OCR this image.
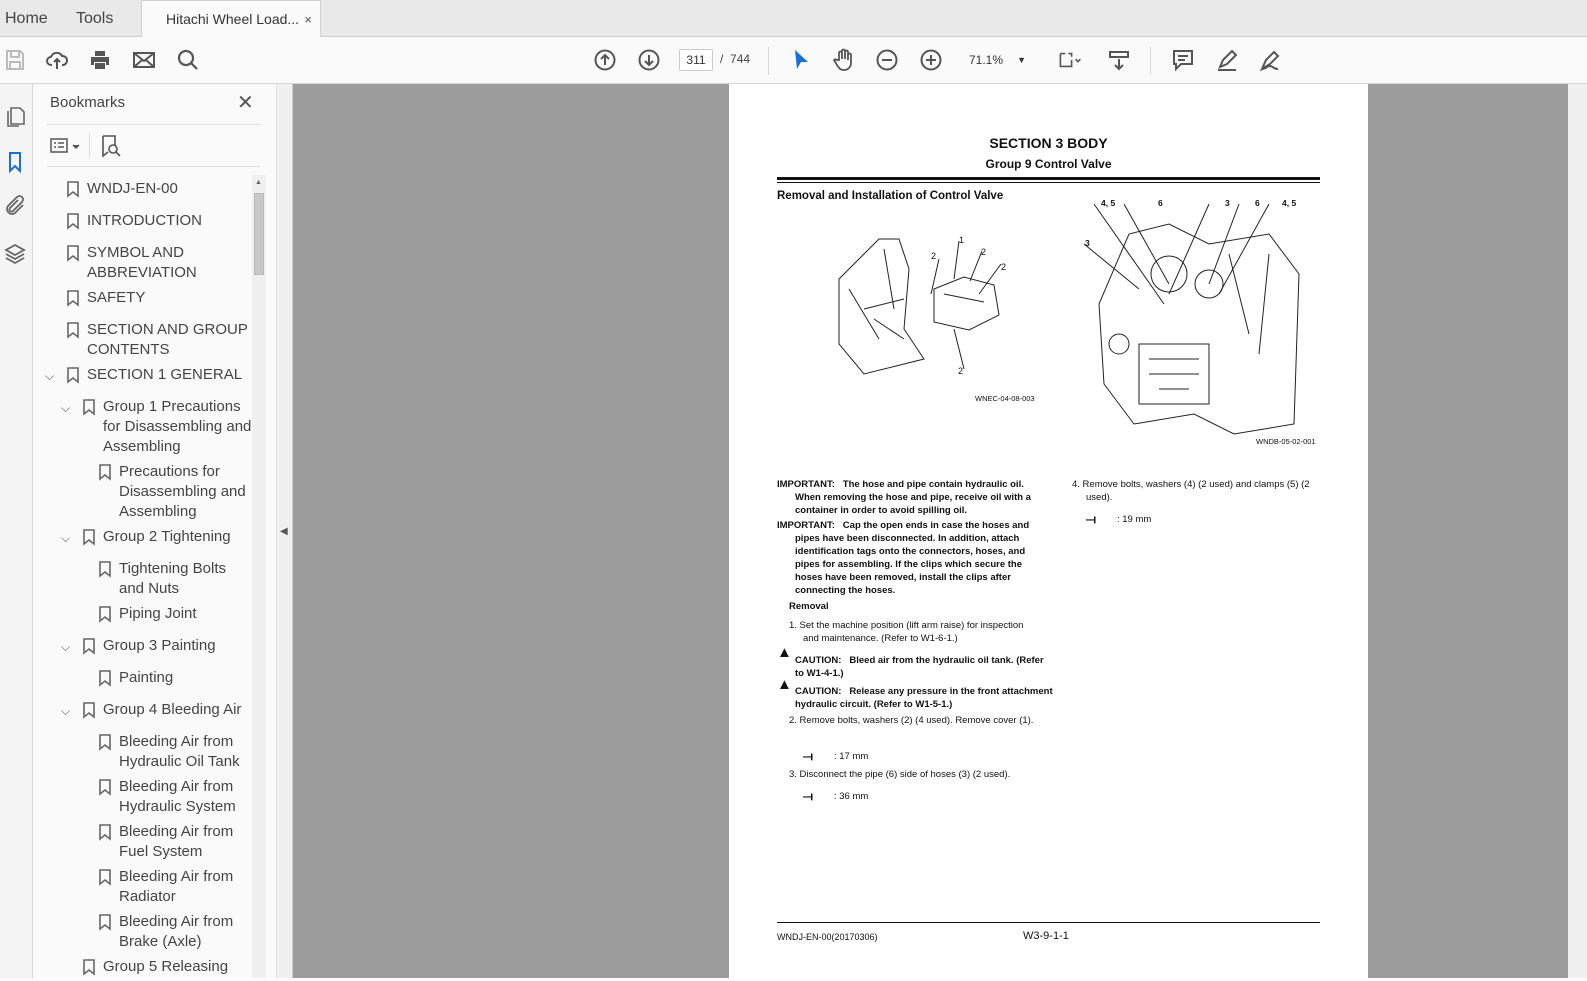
Home Tools	Hitachi Wheel Load... ×
311	/ 744	71.1% ▼
Bookmarks	✕
WNDJ-EN-00
INTRODUCTION
SYMBOL AND ABBREVIATION
SAFETY
SECTION AND GROUP CONTENTS
⌵	SECTION 1 GENERAL
⌵	Group 1 Precautions for Disassembling and Assembling
Precautions for Disassembling and Assembling
⌵	Group 2 Tightening
Tightening Bolts and Nuts
Piping Joint
⌵	Group 3 Painting
Painting
⌵	Group 4 Bleeding Air
Bleeding Air from Hydraulic Oil Tank
Bleeding Air from Hydraulic System
Bleeding Air from Fuel System
Bleeding Air from Radiator
Bleeding Air from Brake (Axle)
Group 5 Releasing
▲
◀
SECTION 3 BODY
Group 9 Control Valve
Removal and Installation of Control Valve
1
2
2
2
2
WNEC-04-08-003
4, 5	6	3	6	4, 5
3
WNDB-05-02-001
IMPORTANT: The hose and pipe contain hydraulic oil. When removing the hose and pipe, receive oil with a container in order to avoid spilling oil.
IMPORTANT: Cap the open ends in case the hoses and pipes have been disconnected. In addition, attach identification tags onto the connectors, hoses, and pipes for assembling. If the clips which secure the hoses have been removed, install the clips after connecting the hoses.
Removal
1. Set the machine position (lift arm raise) for inspection and maintenance. (Refer to W1-6-1.)
▲ CAUTION: Bleed air from the hydraulic oil tank. (Refer to W1-4-1.)
▲ CAUTION: Release any pressure in the front attachment hydraulic circuit. (Refer to W1-5-1.)
2. Remove bolts, washers (2) (4 used). Remove cover (1).
⟞ : 17 mm
3. Disconnect the pipe (6) side of hoses (3) (2 used).
⟞ : 36 mm
4. Remove bolts, washers (4) (2 used) and clamps (5) (2 used).
⟞ : 19 mm
WNDJ-EN-00(20170306)	W3-9-1-1
